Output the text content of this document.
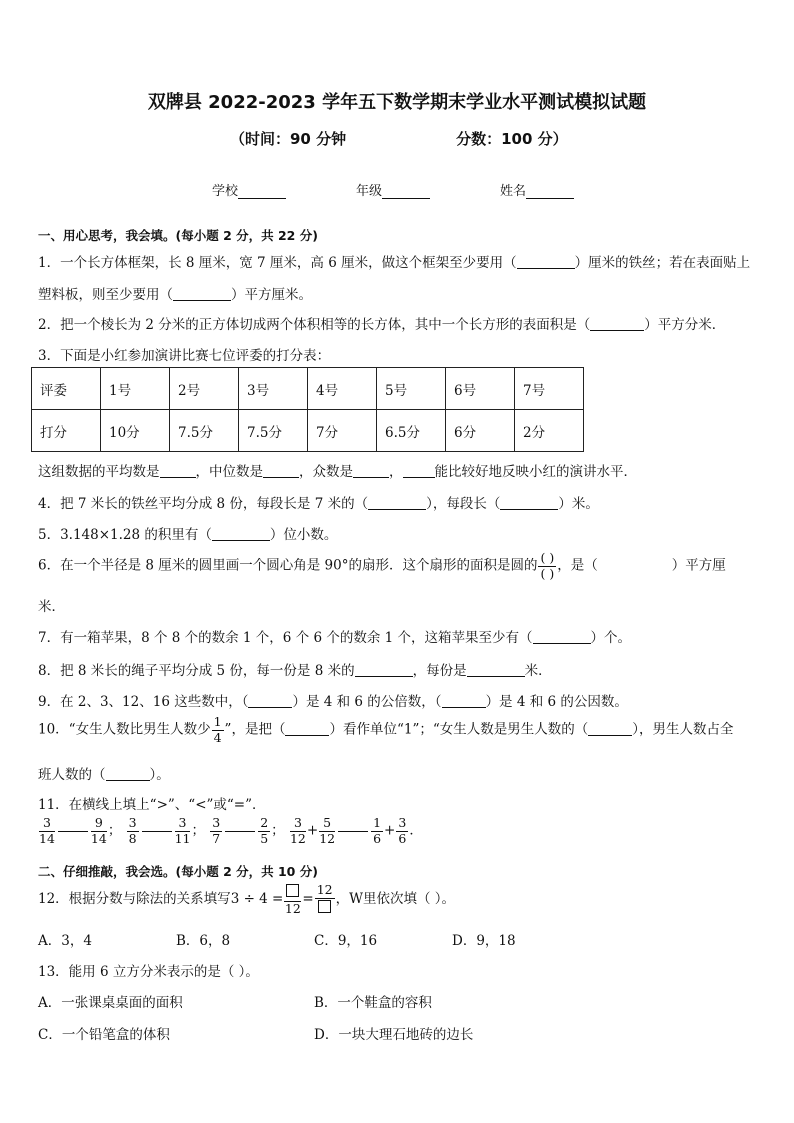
双牌县 2022-2023 学年五下数学期末学业水平测试模拟试题
（时间：90 分钟	分数：100 分）
学校	年级	姓名
一、用心思考，我会填。(每小题 2 分，共 22 分)
1．一个长方体框架，长 8 厘米，宽 7 厘米，高 6 厘米，做这个框架至少要用（	）厘米的铁丝；若在表面贴上
塑料板，则至少要用（	）平方厘米。
2．把一个棱长为 2 分米的正方体切成两个体积相等的长方体，其中一个长方形的表面积是（	）平方分米．
3．下面是小红参加演讲比赛七位评委的打分表：
评委	1号	2号	3号	4号	5号	6号	7号
打分	10分	7.5分	7.5分	7分	6.5分	6分	2分
这组数据的平均数是	，中位数是	，众数是	， 能比较好地反映小红的演讲水平．
4．把 7 米长的铁丝平均分成 8 份，每段长是 7 米的（	），每段长（	）米。
5．3.148×1.28 的积里有（	）位小数。
6．在一个半径是 8 厘米的圆里画一个圆心角是 90°的扇形．这个扇形的面积是圆的 $\frac{( )}{( )}$ ，是（	）平方厘
米．
7．有一箱苹果，8 个 8 个的数余 1 个，6 个 6 个的数余 1 个，这箱苹果至少有（	）个。
8．把 8 米长的绳子平均分成 5 份，每一份是 8 米的	，每份是	米．
9．在 2、3、12、16 这些数中，（	）是 4 和 6 的公倍数，（	）是 4 和 6 的公因数。
10．“女生人数比男生人数少 $\frac{1}{4}$ ”，是把（	）看作单位“1”；“女生人数是男生人数的（	），男生人数占全
班人数的（	）。
11．在横线上填上“>”、“<”或“=”．
$\frac{3}{14}$	$\frac{9}{14}$ ； $\frac{3}{8}$	$\frac{3}{11}$ ； $\frac{3}{7}$	$\frac{2}{5}$ ； $\frac{3}{12} + \frac{5}{12}$	$\frac{1}{6} + \frac{3}{6}$ ．
二、仔细推敲，我会选。(每小题 2 分，共 10 分)
12．根据分数与除法的关系填写3 ÷ 4 =
12
=
12
，W里依次填（ ）。
A．3，4	B．6，8	C．9，16	D．9，18
13．能用 6 立方分米表示的是（ ）。
A．一张课桌桌面的面积	B．一个鞋盒的容积
C．一个铅笔盒的体积	D．一块大理石地砖的边长
